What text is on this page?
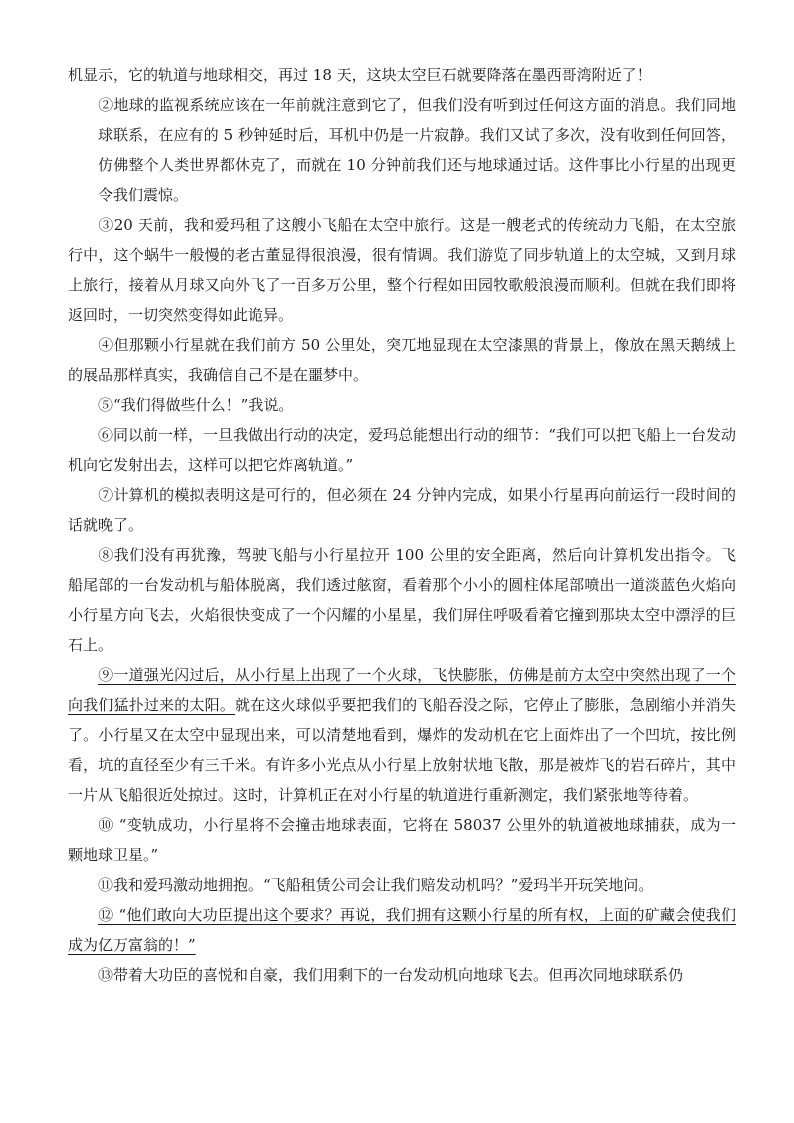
机显示，它的轨道与地球相交，再过 18 天，这块太空巨石就要降落在墨西哥湾附近了！

②地球的监视系统应该在一年前就注意到它了，但我们没有听到过任何这方面的消息。我们同地球联系，在应有的 5 秒钟延时后，耳机中仍是一片寂静。我们又试了多次，没有收到任何回答，仿佛整个人类世界都休克了，而就在 10 分钟前我们还与地球通过话。这件事比小行星的出现更令我们震惊。

③20 天前，我和爱玛租了这艘小飞船在太空中旅行。这是一艘老式的传统动力飞船，在太空旅行中，这个蜗牛一般慢的老古董显得很浪漫，很有情调。我们游览了同步轨道上的太空城，又到月球上旅行，接着从月球又向外飞了一百多万公里，整个行程如田园牧歌般浪漫而顺利。但就在我们即将返回时，一切突然变得如此诡异。

④但那颗小行星就在我们前方 50 公里处，突兀地显现在太空漆黑的背景上，像放在黑天鹅绒上的展品那样真实，我确信自己不是在噩梦中。

⑤“我们得做些什么！”我说。

⑥同以前一样，一旦我做出行动的决定，爱玛总能想出行动的细节：“我们可以把飞船上一台发动机向它发射出去，这样可以把它炸离轨道。”

⑦计算机的模拟表明这是可行的，但必须在 24 分钟内完成，如果小行星再向前运行一段时间的话就晚了。

⑧我们没有再犹豫，驾驶飞船与小行星拉开 100 公里的安全距离，然后向计算机发出指令。飞船尾部的一台发动机与船体脱离，我们透过舷窗，看着那个小小的圆柱体尾部喷出一道淡蓝色火焰向小行星方向飞去，火焰很快变成了一个闪耀的小星星，我们屏住呼吸看着它撞到那块太空中漂浮的巨石上。

⑨一道强光闪过后，从小行星上出现了一个火球，飞快膨胀，仿佛是前方太空中突然出现了一个向我们猛扑过来的太阳。就在这火球似乎要把我们的飞船吞没之际，它停止了膨胀，急剧缩小并消失了。小行星又在太空中显现出来，可以清楚地看到，爆炸的发动机在它上面炸出了一个凹坑，按比例看，坑的直径至少有三千米。有许多小光点从小行星上放射状地飞散，那是被炸飞的岩石碎片，其中一片从飞船很近处掠过。这时，计算机正在对小行星的轨道进行重新测定，我们紧张地等待着。

⑩ “变轨成功，小行星将不会撞击地球表面，它将在 58037 公里外的轨道被地球捕获，成为一颗地球卫星。”

⑪我和爱玛激动地拥抱。“飞船租赁公司会让我们赔发动机吗？”爱玛半开玩笑地问。

⑫ “他们敢向大功臣提出这个要求？再说，我们拥有这颗小行星的所有权，上面的矿藏会使我们成为亿万富翁的！”

⑬带着大功臣的喜悦和自豪，我们用剩下的一台发动机向地球飞去。但再次同地球联系仍
